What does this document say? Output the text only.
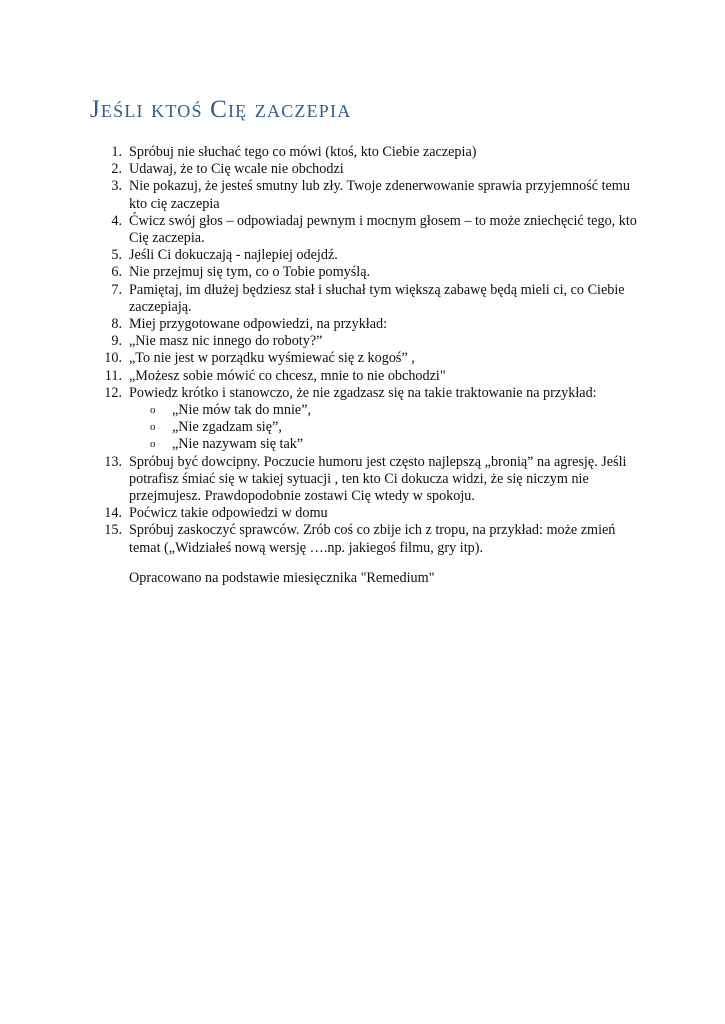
Jeśli ktoś Cię zaczepia
1. Spróbuj nie słuchać tego co mówi (ktoś, kto Ciebie zaczepia)
2. Udawaj, że to Cię wcale nie obchodzi
3. Nie pokazuj, że jesteś smutny lub zły. Twoje zdenerwowanie sprawia przyjemność temu kto cię zaczepia
4. Ćwicz swój głos – odpowiadaj pewnym i mocnym głosem – to może zniechęcić tego, kto Cię zaczepia.
5. Jeśli Ci dokuczają - najlepiej odejdź.
6. Nie przejmuj się tym, co o Tobie pomyślą.
7. Pamiętaj, im dłużej będziesz stał i słuchał tym większą zabawę będą mieli ci, co Ciebie zaczepiają.
8. Miej przygotowane odpowiedzi, na przykład:
9. „Nie masz nic innego do roboty?”
10. „To nie jest w porządku wyśmiewać się z kogoś” ,
11. „Możesz sobie mówić co chcesz, mnie to nie obchodzi"
12. Powiedz krótko i stanowczo, że nie zgadzasz się na takie traktowanie na przykład:
o „Nie mów tak do mnie”,
o „Nie zgadzam się”,
o „Nie nazywam się tak”
13. Spróbuj być dowcipny. Poczucie humoru jest często najlepszą „bronią” na agresję. Jeśli potrafisz śmiać się w takiej sytuacji , ten kto Ci dokucza widzi, że się niczym nie przejmujesz. Prawdopodobnie zostawi Cię wtedy w spokoju.
14. Poćwicz takie odpowiedzi w domu
15. Spróbuj zaskoczyć sprawców. Zrób coś co zbije ich z tropu, na przykład: może zmień temat („Widziałeś nową wersję ….np. jakiegoś filmu, gry itp).

Opracowano na podstawie miesięcznika "Remedium"
